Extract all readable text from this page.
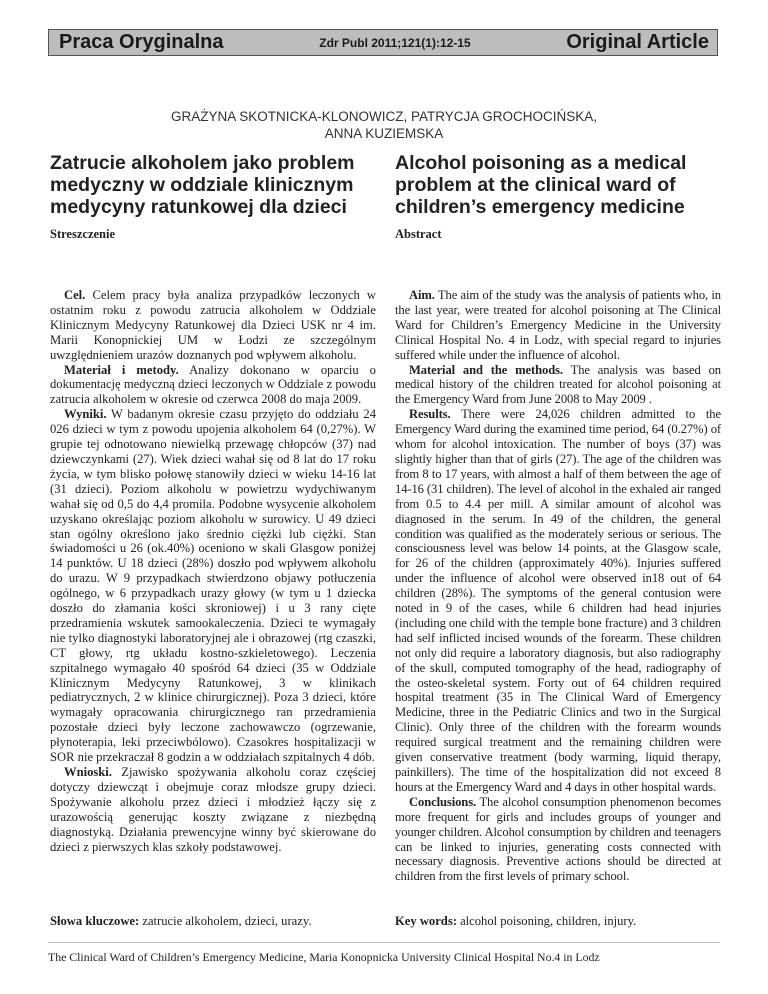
Praca Oryginalna	Zdr Publ 2011;121(1):12-15	Original Article
GRAŻYNA SKOTNICKA-KLONOWICZ, PATRYCJA GROCHOCIŃSKA,
ANNA KUZIEMSKA
Zatrucie alkoholem jako problem medyczny w oddziale klinicznym medycyny ratunkowej dla dzieci
Alcohol poisoning as a medical problem at the clinical ward of children’s emergency medicine
Streszczenie	Abstract

Cel. Celem pracy była analiza przypadków leczonych w ostatnim roku z powodu zatrucia alkoholem w Oddziale Klinicznym Medycyny Ratunkowej dla Dzieci USK nr 4 im. Marii Konopnickiej UM w Łodzi ze szczególnym uwzględnieniem urazów doznanych pod wpływem alkoholu.

Materiał i metody. Analizy dokonano w oparciu o dokumentację medyczną dzieci leczonych w Oddziale z powodu zatrucia alkoholem w okresie od czerwca 2008 do maja 2009.

Wyniki. W badanym okresie czasu przyjęto do oddziału 24 026 dzieci w tym z powodu upojenia alkoholem 64 (0,27%). W grupie tej odnotowano niewielką przewagę chłopców (37) nad dziewczynkami (27). Wiek dzieci wahał się od 8 lat do 17 roku życia, w tym blisko połowę stanowiły dzieci w wieku 14-16 lat (31 dzieci). Poziom alkoholu w powietrzu wydychiwanym wahał się od 0,5 do 4,4 promila. Podobne wysycenie alkoholem uzyskano określając poziom alkoholu w surowicy. U 49 dzieci stan ogólny określono jako średnio ciężki lub ciężki. Stan świadomości u 26 (ok.40%) oceniono w skali Glasgow poniżej 14 punktów. U 18 dzieci (28%) doszło pod wpływem alkoholu do urazu. W 9 przypadkach stwierdzono objawy potłuczenia ogólnego, w 6 przypadkach urazy głowy (w tym u 1 dziecka doszło do złamania kości skroniowej) i u 3 rany cięte przedramienia wskutek samookaleczenia. Dzieci te wymagały nie tylko diagnostyki laboratoryjnej ale i obrazowej (rtg czaszki, CT głowy, rtg układu kostno-szkieletowego). Leczenia szpitalnego wymagało 40 spośród 64 dzieci (35 w Oddziale Klinicznym Medycyny Ratunkowej, 3 w klinikach pediatrycznych, 2 w klinice chirurgicznej). Poza 3 dzieci, które wymagały opracowania chirurgicznego ran przedramienia pozostałe dzieci były leczone zachowawczo (ogrzewanie, płynoterapia, leki przeciwbólowo). Czasokres hospitalizacji w SOR nie przekraczał 8 godzin a w oddziałach szpitalnych 4 dób.

Wnioski. Zjawisko spożywania alkoholu coraz częściej dotyczy dziewcząt i obejmuje coraz młodsze grupy dzieci. Spożywanie alkoholu przez dzieci i młodzież łączy się z urazowością generując koszty związane z niezbędną diagnostyką. Działania prewencyjne winny być skierowane do dzieci z pierwszych klas szkoły podstawowej.

Aim. The aim of the study was the analysis of patients who, in the last year, were treated for alcohol poisoning at The Clinical Ward for Children’s Emergency Medicine in the University Clinical Hospital No. 4 in Lodz, with special regard to injuries suffered while under the influence of alcohol.

Material and the methods. The analysis was based on medical history of the children treated for alcohol poisoning at the Emergency Ward from June 2008 to May 2009 .

Results. There were 24,026 children admitted to the Emergency Ward during the examined time period, 64 (0.27%) of whom for alcohol intoxication. The number of boys (37) was slightly higher than that of girls (27). The age of the children was from 8 to 17 years, with almost a half of them between the age of 14-16 (31 children). The level of alcohol in the exhaled air ranged from 0.5 to 4.4 per mill. A similar amount of alcohol was diagnosed in the serum. In 49 of the children, the general condition was qualified as the moderately serious or serious. The consciousness level was below 14 points, at the Glasgow scale, for 26 of the children (approximately 40%). Injuries suffered under the influence of alcohol were observed in18 out of 64 children (28%). The symptoms of the general contusion were noted in 9 of the cases, while 6 children had head injuries (including one child with the temple bone fracture) and 3 children had self inflicted incised wounds of the forearm. These children not only did require a laboratory diagnosis, but also radiography of the skull, computed tomography of the head, radiography of the osteo-skeletal system. Forty out of 64 children required hospital treatment (35 in The Clinical Ward of Emergency Medicine, three in the Pediatric Clinics and two in the Surgical Clinic). Only three of the children with the forearm wounds required surgical treatment and the remaining children were given conservative treatment (body warming, liquid therapy, painkillers). The time of the hospitalization did not exceed 8 hours at the Emergency Ward and 4 days in other hospital wards.

Conclusions. The alcohol consumption phenomenon becomes more frequent for girls and includes groups of younger and younger children. Alcohol consumption by children and teenagers can be linked to injuries, generating costs connected with necessary diagnosis. Preventive actions should be directed at children from the first levels of primary school.

Słowa kluczowe: zatrucie alkoholem, dzieci, urazy.	Key words: alcohol poisoning, children, injury.
The Clinical Ward of Children’s Emergency Medicine, Maria Konopnicka University Clinical Hospital No.4 in Lodz
